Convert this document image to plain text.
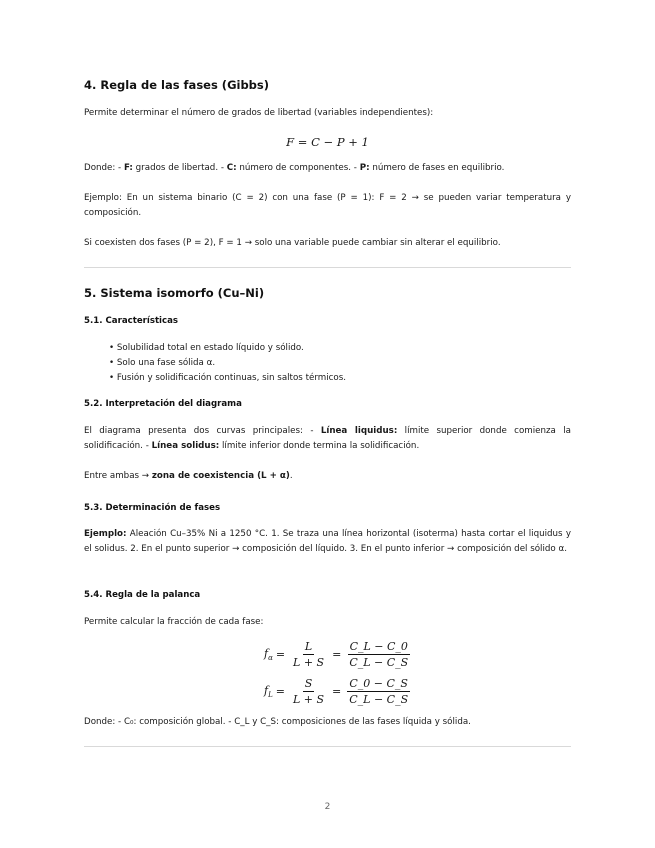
4. Regla de las fases (Gibbs)

Permite determinar el número de grados de libertad (variables independientes):

F = C − P + 1

Donde: - F: grados de libertad. - C: número de componentes. - P: número de fases en equilibrio.

Ejemplo: En un sistema binario (C = 2) con una fase (P = 1): F = 2 → se pueden variar temperatura y composición.

Si coexisten dos fases (P = 2), F = 1 → solo una variable puede cambiar sin alterar el equilibrio.

5. Sistema isomorfo (Cu–Ni)
5.1. Características
• Solubilidad total en estado líquido y sólido.
• Solo una fase sólida α.
• Fusión y solidificación continuas, sin saltos térmicos.
5.2. Interpretación del diagrama

El diagrama presenta dos curvas principales: - Línea liquidus: límite superior donde comienza la solidificación. - Línea solidus: límite inferior donde termina la solidificación.

Entre ambas → zona de coexistencia (L + α).

5.3. Determinación de fases

Ejemplo: Aleación Cu–35% Ni a 1250 °C. 1. Se traza una línea horizontal (isoterma) hasta cortar el liquidus y el solidus. 2. En el punto superior → composición del líquido. 3. En el punto inferior → composición del sólido α.

5.4. Regla de la palanca

Permite calcular la fracción de cada fase:

$f_\alpha = \frac{L}{L + S} = \frac{C\_L - C\_0}{C\_L - C\_S}$
$f_L = \frac{S}{L + S} = \frac{C\_0 - C\_S}{C\_L - C\_S}$

Donde: - C₀: composición global. - C_L y C_S: composiciones de las fases líquida y sólida.

2
